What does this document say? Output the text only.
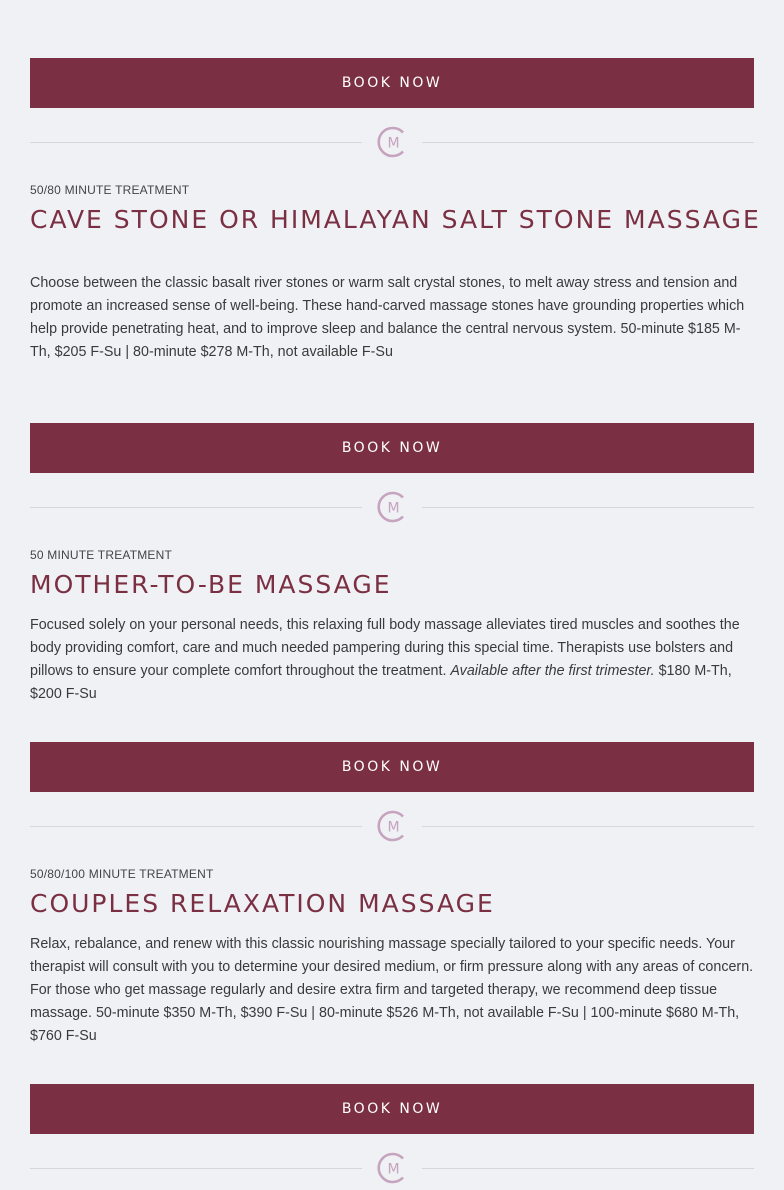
BOOK NOW
M
50/80 MINUTE TREATMENT
CAVE STONE OR HIMALAYAN SALT STONE MASSAGE

Choose between the classic basalt river stones or warm salt crystal stones, to melt away stress and tension and promote an increased sense of well-being. These hand-carved massage stones have grounding properties which help provide penetrating heat, and to improve sleep and balance the central nervous system. 50-minute $185 M-Th, $205 F-Su | 80-minute $278 M-Th, not available F-Su

BOOK NOW
M
50 MINUTE TREATMENT
MOTHER-TO-BE MASSAGE

Focused solely on your personal needs, this relaxing full body massage alleviates tired muscles and soothes the body providing comfort, care and much needed pampering during this special time. Therapists use bolsters and pillows to ensure your complete comfort throughout the treatment. Available after the first trimester. $180 M-Th, $200 F-Su

BOOK NOW
M
50/80/100 MINUTE TREATMENT
COUPLES RELAXATION MASSAGE

Relax, rebalance, and renew with this classic nourishing massage specially tailored to your specific needs. Your therapist will consult with you to determine your desired medium, or firm pressure along with any areas of concern. For those who get massage regularly and desire extra firm and targeted therapy, we recommend deep tissue massage. 50-minute $350 M-Th, $390 F-Su | 80-minute $526 M-Th, not available F-Su | 100-minute $680 M-Th, $760 F-Su

BOOK NOW
M
